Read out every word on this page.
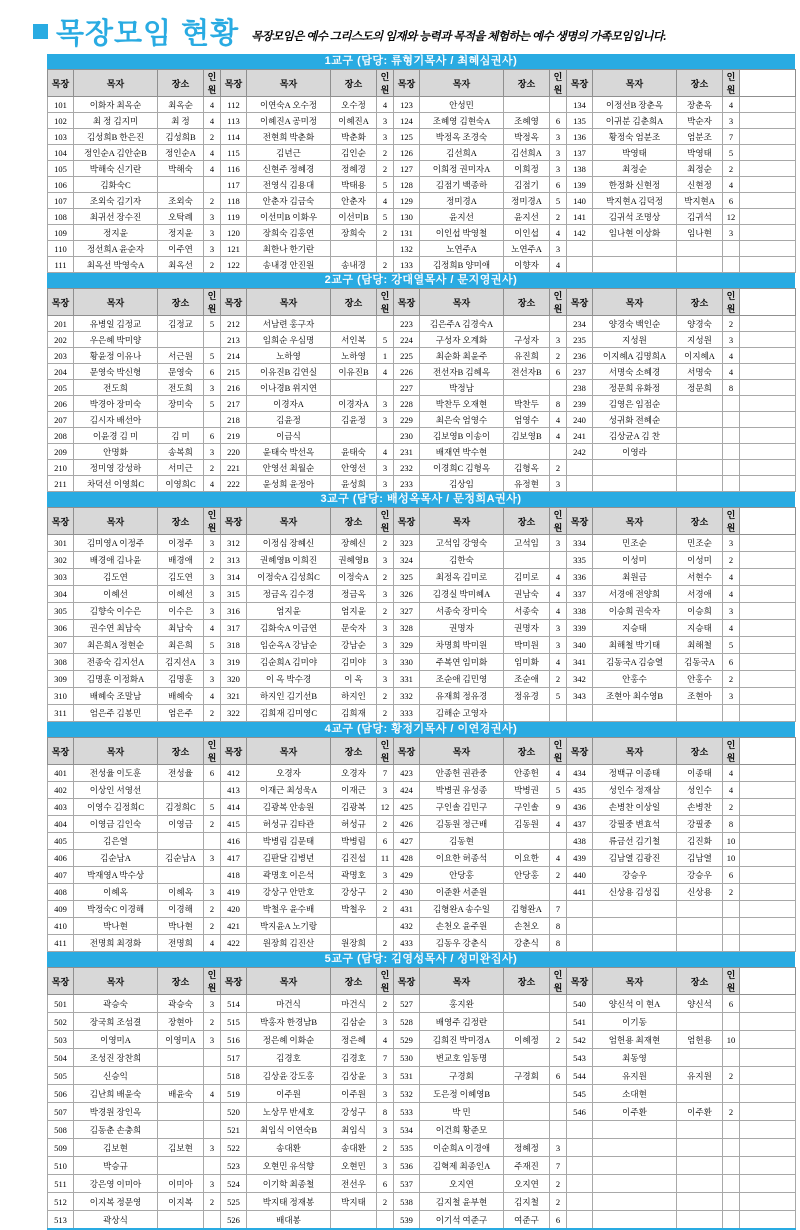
목장모임 현황 목장모임은 예수 그리스도의 임재와 능력과 목적을 체험하는 예수 생명의 가족모임입니다.
1교구 (담당: 류형기목사 / 최혜심권사)
목장	목자	장소	인원	목장	목자	장소	인원	목장	목자	장소	인원	목장	목자	장소	인원	
101	이화자 최옥순	최옥순	4	112	이연숙A 오수정	오수정	4	123	안성민			134	이정선B 장춘옥	장춘옥	4	
102	최 정 김지미	최 정	4	113	이혜진A 공미정	이혜진A	3	124	조혜영 김현숙A	조혜영	6	135	이귀분 김춘희A	박순자	3	
103	김성희B 한은진	김성희B	2	114	전현희 박춘화	박춘화	3	125	박정옥 조경숙	박정옥	3	136	황정숙 엄분조	엄분조	7	
104	정인순A 김안순B	정인순A	4	115	김년근	김인순	2	126	김선희A	김선희A	3	137	박영태	박영태	5	
105	박해숙 신기란	박해숙	4	116	신현주 정혜경	정혜경	2	127	이희정 권미자A	이희정	3	138	최정순	최정순	2	
106	김화숙C			117	전영식 김용대	박태용	5	128	김점기 백종하	김점기	6	139	한정화 신현정	신현정	4	
107	조외숙 김기자	조외숙	2	118	안춘자 김금숙	안춘자	4	129	정미경A	정미경A	5	140	박지현A 김덕정	박지현A	6	
108	최귀선 장수진	오탁례	3	119	이선미B 이화우	이선미B	5	130	윤지선	윤지선	2	141	김귀석 조명상	김귀석	12	
109	정지윤	정지윤	3	120	장희숙 김홍연	장희숙	2	131	이인섭 박영철	이인섭	4	142	임나현 이상화	임나현	3	
110	정선희A 윤순자	이주연	3	121	최한나 한기란			132	노연주A	노연주A	3					
111	최옥선 박영숙A	최옥선	2	122	송내경 안진원	송내경	2	133	김정희B 양미애	이향자	4					
2교구 (담당: 강대열목사 / 문지영권사)
목장	목자	장소	인원	목장	목자	장소	인원	목장	목자	장소	인원	목장	목자	장소	인원	
201	유병일 김정교	김정교	5	212	서남련 홍구자			223	김은주A 김경숙A			234	양경숙 백인순	양경숙	2	
202	우은혜 박미양			213	임희순 우심명	서인복	5	224	구성자 오계화	구성자	3	235	지성원	지성원	3	
203	황윤정 이유나	서근원	5	214	노하영	노하영	1	225	최순화 최윤주	유진희	2	236	이지혜A 김명희A	이지혜A	4	
204	문영숙 박신형	문영숙	6	215	이유진B 김연실	이유진B	4	226	전선자B 김혜옥	전선자B	6	237	서명숙 소혜경	서명숙	4	
205	전도희	전도희	3	216	이나경B 위지연			227	박정남			238	정문희 유화정	정문희	8	
206	박경아 장미숙	장미숙	5	217	이경자A	이경자A	3	228	박찬두 오재현	박찬두	8	239	김영은 임점순			
207	김시자 배선아			218	김윤정	김윤정	3	229	최은숙 엄영수	엄영수	4	240	성귀화 전혜순			
208	이윤경 김 미	김 미	6	219	이금식			230	김보영B 이송이	김보영B	4	241	김상균A 김 찬			
209	안명화	송복희	3	220	윤태숙 박선옥	윤태숙	4	231	배재연 박수현			242	이영라			
210	정미영 강성하	서미근	2	221	안영선 최월순	안영선	3	232	이경희C 김형옥	김형옥	2					
211	차덕선 이영희C	이영희C	4	222	윤성희 윤정아	윤성희	3	233	김상임	유정현	3					
3교구 (담당: 배성옥목사 / 문정희A권사)
목장	목자	장소	인원	목장	목자	장소	인원	목장	목자	장소	인원	목장	목자	장소	인원	
301	김미영A 이정주	이정주	3	312	이정심 장혜신	장혜신	2	323	고석임 강영숙	고석임	3	334	민조순	민조순	3	
302	배경애 김나윤	배경애	2	313	권혜영B 이희진	권혜영B	3	324	김한숙			335	이성미	이성미	2	
303	김도연	김도연	3	314	이정숙A 김성희C	이정숙A	2	325	최정옥 김미로	김미로	4	336	최원금	서현수	4	
304	이혜선	이혜선	3	315	정금옥 김수경	정금옥	3	326	김경실 박미혜A	권남숙	4	337	서경애 전양희	서경애	4	
305	김향숙 이수은	이수은	3	316	엄지윤	엄지윤	2	327	서종숙 장미숙	서종숙	4	338	이승희 권숙자	이승희	3	
306	권수연 최남숙	최남숙	4	317	김화숙A 이금연	문숙자	3	328	권명자	권명자	3	339	지승태	지승태	4	
307	최은희A 정현순	최은희	5	318	임순옥A 강남순	강남순	3	329	차명희 박미원	박미원	3	340	최해철 박기태	최해철	5	
308	전종숙 김지선A	김지선A	3	319	김순희A 김미야	김미야	3	330	주복연 임미화	임미화	4	341	김동국A 김승열	김동국A	6	
309	김명훈 이정화A	김명훈	3	320	이 옥 박수경	이 옥	3	331	조순애 김민영	조순애	2	342	안홍수	안홍수	2	
310	배혜숙 조말남	배혜숙	4	321	하지인 김기선B	하지인	2	332	유재희 정유경	정유경	5	343	조현아 최수영B	조현아	3	
311	엄은주 김봉민	엄은주	2	322	김희재 김미영C	김희재	2	333	김해순 고영자							
4교구 (담당: 황정기목사 / 이연경권사)
목장	목자	장소	인원	목장	목자	장소	인원	목장	목자	장소	인원	목장	목자	장소	인원	
401	전성율 이도훈	전성율	6	412	오경자	오경자	7	423	안종헌 권관중	안종헌	4	434	정백규 이종태	이종태	4	
402	이상인 서영선			413	이재근 최성욱A	이재근	3	424	박병권 유성종	박병권	5	435	성인수 정재삼	성인수	4	
403	이영수 김정희C	김정희C	5	414	김광복 안송원	김광복	12	425	구인솔 김민구	구인솔	9	436	손병찬 이상일	손병찬	2	
404	이영금 김인숙	이영금	2	415	허성규 김타관	허성규	2	426	김동원 정근배	김동원	4	437	강필중 변효석	강필중	8	
405	김은열			416	박병림 김문태	박병림	6	427	김동현			438	류금선 김기철	김진화	10	
406	김순남A	김순남A	3	417	김판달 김병년	김진섭	11	428	이요한 허종석	이요한	4	439	김남열 김광진	김남열	10	
407	박재영A 박수상			418	곽명호 이은석	곽명호	3	429	안당홍	안당홍	2	440	강승우	강승우	6	
408	이혜옥	이혜옥	3	419	강상구 안만호	강상구	2	430	이준환 서준원			441	신상용 김성집	신상용	2	
409	박정숙C 이경해	이경해	2	420	박철우 윤수배	박철우	2	431	김형완A 송수일	김형완A	7					
410	박나현	박나현	2	421	박지윤A 노기랑			432	손천오 윤주원	손천오	8					
411	전명희 최경화	전명희	4	422	원장희 김진산	원장희	2	433	김동우 강춘식	강춘식	8					
5교구 (담당: 김영성목사 / 성미완집사)
목장	목자	장소	인원	목장	목자	장소	인원	목장	목자	장소	인원	목장	목자	장소	인원	
501	곽승숙	곽승숙	3	514	마건식	마건식	2	527	홍지완			540	양신석 이 현A	양신석	6	
502	장국희 조섬결	장현아	2	515	박홍자 한경남B	김삼순	3	528	배영주 김정란			541	이기동			
503	이영미A	이영미A	3	516	정은혜 이화순	정은혜	4	529	김희진 박미경A	이혜정	2	542	엄헌용 최재현	엄헌용	10	
504	조성진 장찬희			517	김경호	김경호	7	530	변교호 임동명			543	최동영			
505	신승익			518	김상윤 강도홍	김상윤	3	531	구경회	구경회	6	544	유지원	유지원	2	
506	김난희 배윤숙	배윤숙	4	519	이주원	이주원	3	532	도은정 이혜영B			545	소대현			
507	박경원 장인옥			520	노상무 반세호	강성구	8	533	박 민			546	이주환	이주환	2	
508	김동춘 손충희			521	최임식 이연숙B	최임식	3	534	이건희 황준모							
509	김보현	김보현	3	522	송대환	송대환	2	535	이순희A 이경애	정혜정	3					
510	박승규			523	오현민 유석향	오현민	3	536	김혁제 최종인A	주재진	7					
511	강은영 이미아	이미아	3	524	이기학 최종철	전선우	6	537	오지연	오지연	2					
512	이지복 정문영	이지복	2	525	박지태 정재봉	박지태	2	538	김지철 윤부현	김지철	2					
513	곽상식			526	배대봉			539	이기석 여준구	여준구	6					
